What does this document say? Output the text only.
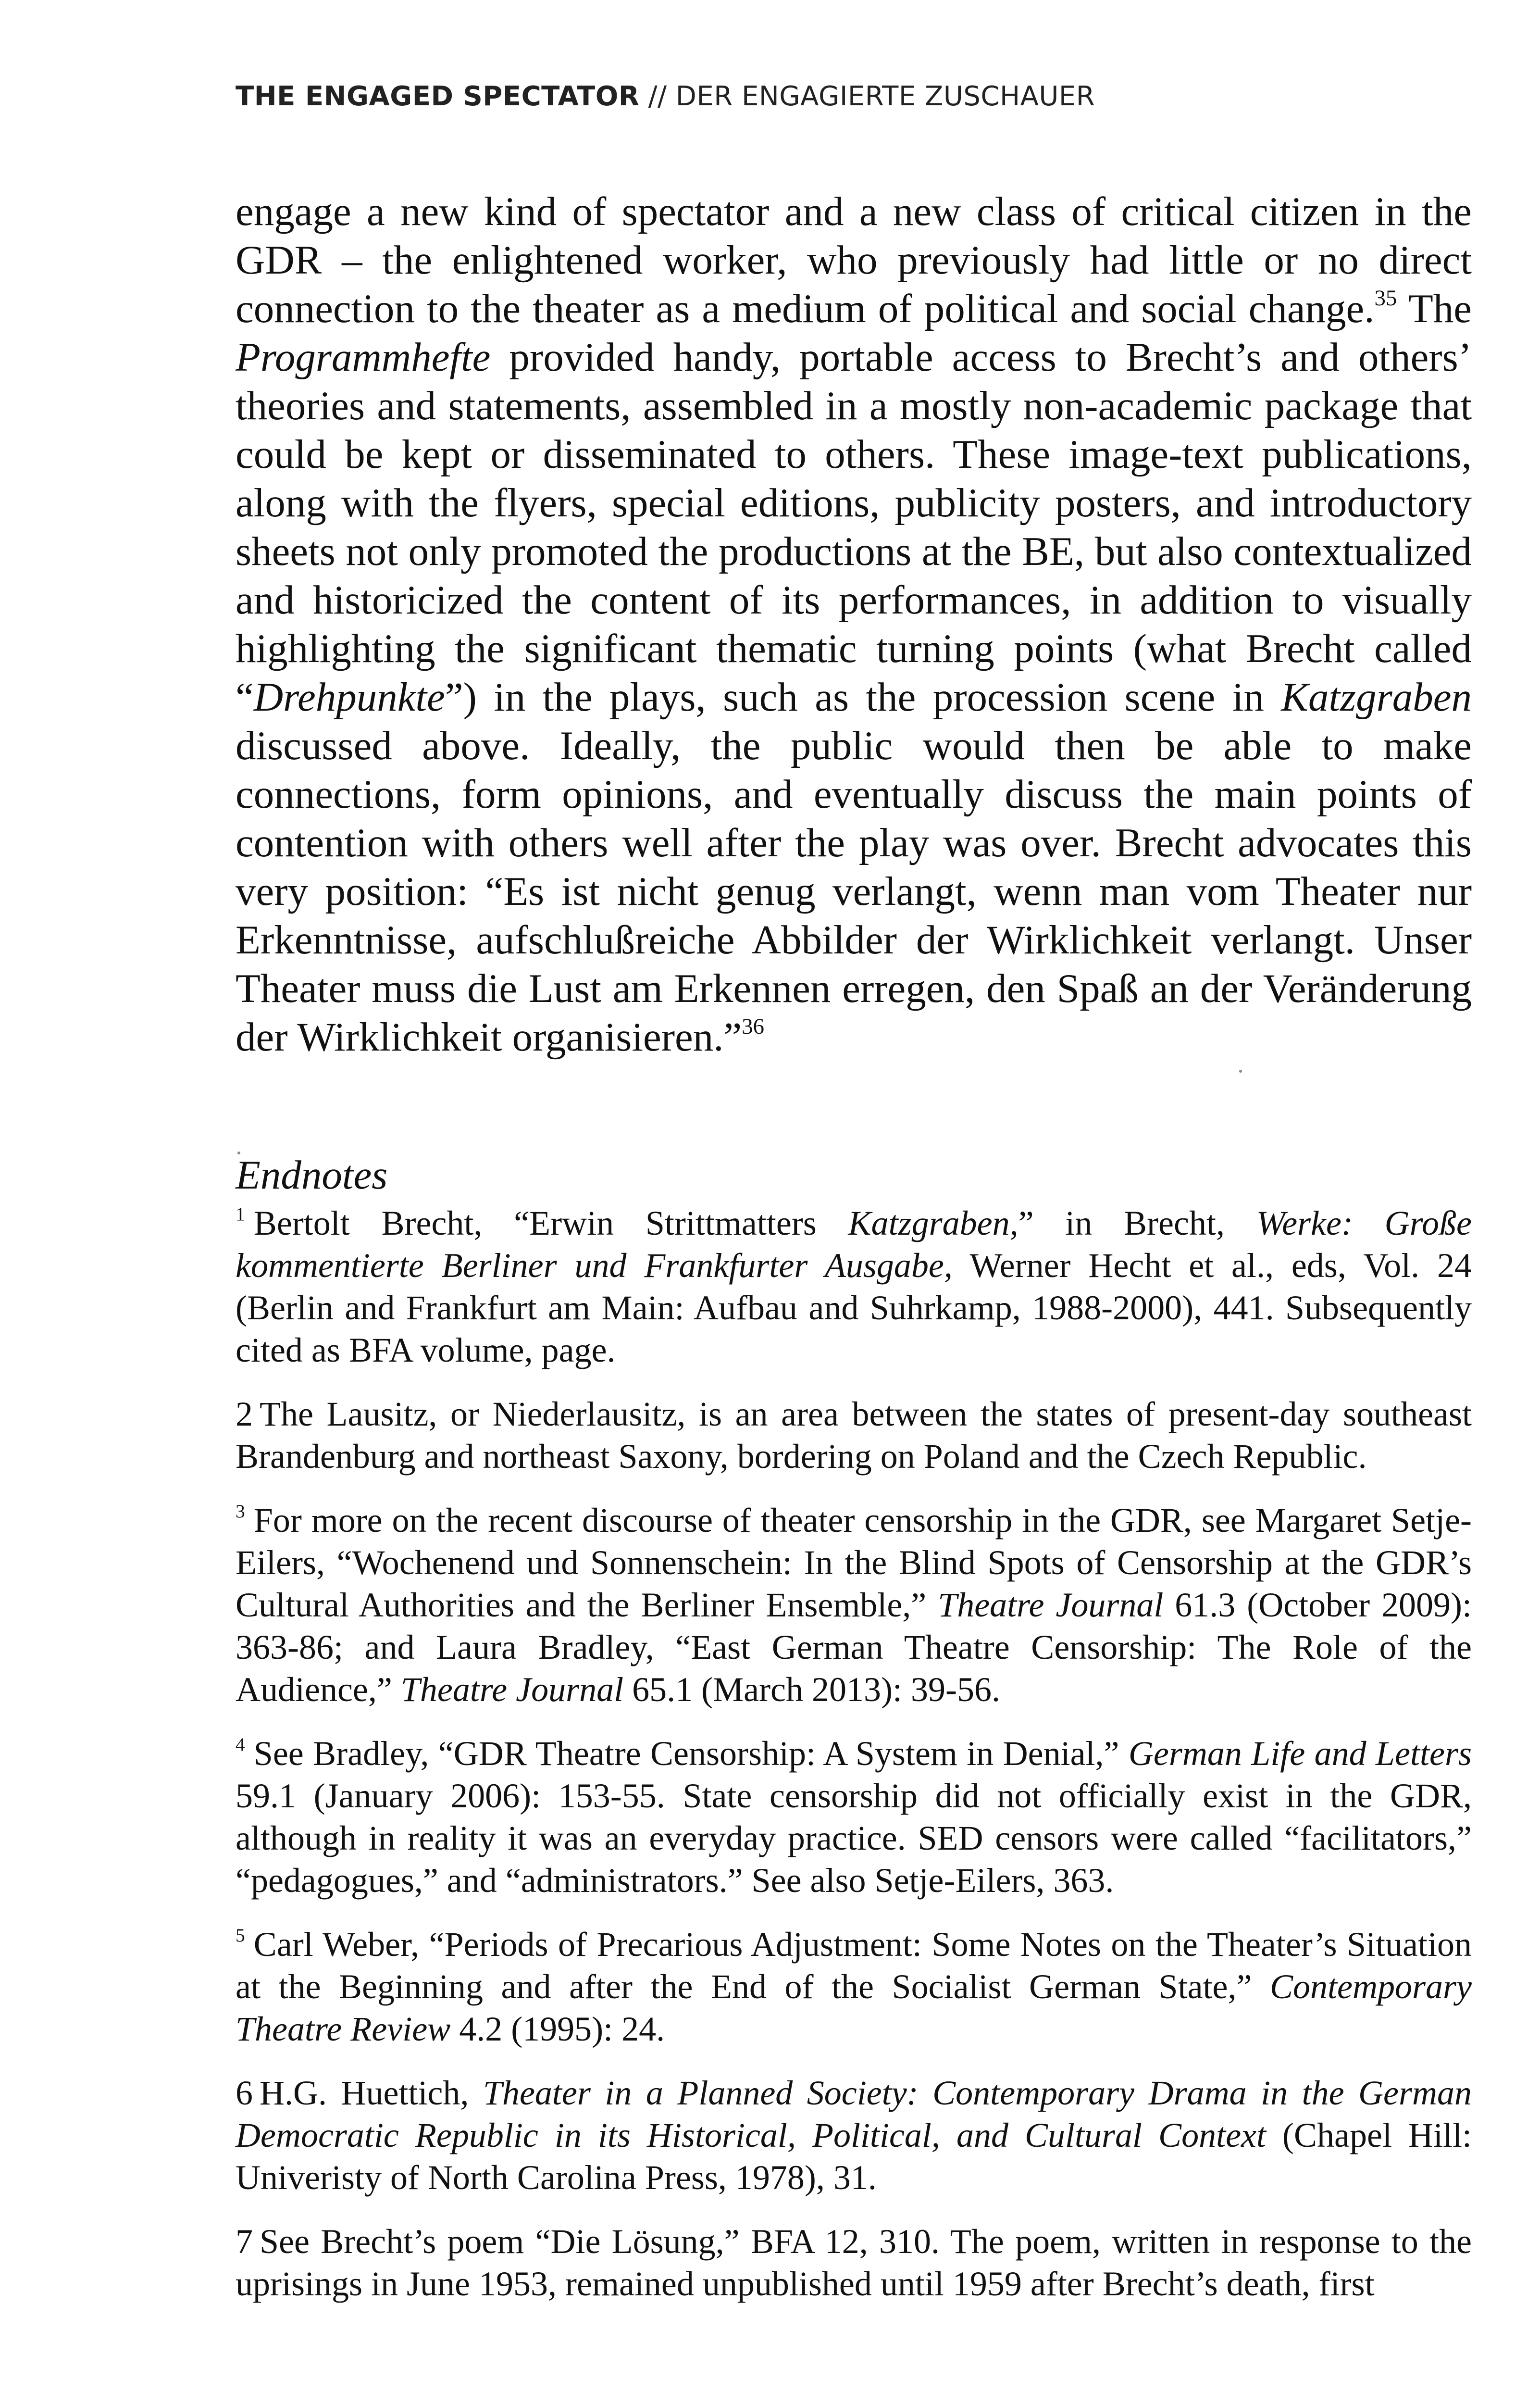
THE ENGAGED SPECTATOR // DER ENGAGIERTE ZUSCHAUER

engage a new kind of spectator and a new class of critical citizen in the GDR – the enlightened worker, who previously had little or no direct connection to the theater as a medium of political and social change.$^{35}$ The Programmhefte provided handy, portable access to Brecht’s and others’ theories and statements, assembled in a mostly non-academic package that could be kept or disseminated to others. These image-text publications, along with the flyers, special editions, publicity posters, and introductory sheets not only promoted the productions at the BE, but also contextualized and historicized the content of its performances, in addition to visually highlighting the significant thematic turning points (what Brecht called “Drehpunkte”) in the plays, such as the procession scene in Katzgraben discussed above. Ideally, the public would then be able to make connections, form opinions, and eventually discuss the main points of contention with others well after the play was over. Brecht advocates this very position: “Es ist nicht genug verlangt, wenn man vom Theater nur Erkenntnisse, aufschlußreiche Abbilder der Wirklichkeit verlangt. Unser Theater muss die Lust am Erkennen erregen, den Spaß an der Veränderung der Wirklichkeit organisieren.”$^{36}$

Endnotes

$^1$ Bertolt Brecht, “Erwin Strittmatters Katzgraben,” in Brecht, Werke: Große kommentierte Berliner und Frankfurter Ausgabe, Werner Hecht et al., eds, Vol. 24 (Berlin and Frankfurt am Main: Aufbau and Suhrkamp, 1988-2000), 441. Subsequently cited as BFA volume, page.

2 The Lausitz, or Niederlausitz, is an area between the states of present-day southeast Brandenburg and northeast Saxony, bordering on Poland and the Czech Republic.

$^3$ For more on the recent discourse of theater censorship in the GDR, see Margaret Setje-Eilers, “Wochenend und Sonnenschein: In the Blind Spots of Censorship at the GDR’s Cultural Authorities and the Berliner Ensemble,” Theatre Journal 61.3 (October 2009): 363-86; and Laura Bradley, “East German Theatre Censorship: The Role of the Audience,” Theatre Journal 65.1 (March 2013): 39-56.

$^4$ See Bradley, “GDR Theatre Censorship: A System in Denial,” German Life and Letters 59.1 (January 2006): 153-55. State censorship did not officially exist in the GDR, although in reality it was an everyday practice. SED censors were called “facilitators,” “pedagogues,” and “administrators.” See also Setje-Eilers, 363.

$^5$ Carl Weber, “Periods of Precarious Adjustment: Some Notes on the Theater’s Situation at the Beginning and after the End of the Socialist German State,” Contemporary Theatre Review 4.2 (1995): 24.

6 H.G. Huettich, Theater in a Planned Society: Contemporary Drama in the German Democratic Republic in its Historical, Political, and Cultural Context (Chapel Hill: Univeristy of North Carolina Press, 1978), 31.

7 See Brecht’s poem “Die Lösung,” BFA 12, 310. The poem, written in response to the uprisings in June 1953, remained unpublished until 1959 after Brecht’s death, first
